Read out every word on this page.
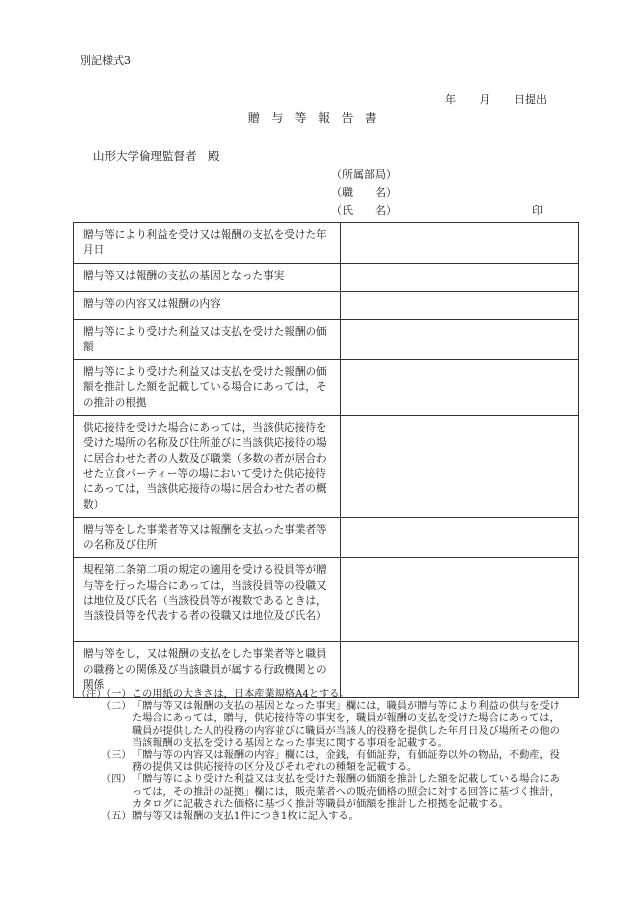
別記様式3
年 月 日提出
贈与等報告書
山形大学倫理監督者　殿
（所属部局）
（職　　名）
（氏　　名）	印
贈与等により利益を受け又は報酬の支払を受けた年月日	
贈与等又は報酬の支払の基因となった事実	
贈与等の内容又は報酬の内容	
贈与等により受けた利益又は支払を受けた報酬の価額	
贈与等により受けた利益又は支払を受けた報酬の価額を推計した額を記載している場合にあっては，その推計の根拠	
供応接待を受けた場合にあっては，当該供応接待を受けた場所の名称及び住所並びに当該供応接待の場に居合わせた者の人数及び職業（多数の者が居合わせた立食パーティー等の場において受けた供応接待にあっては，当該供応接待の場に居合わせた者の概数）	
贈与等をした事業者等又は報酬を支払った事業者等の名称及び住所	
規程第二条第二項の規定の適用を受ける役員等が贈与等を行った場合にあっては，当該役員等の役職又は地位及び氏名（当該役員等が複数であるときは，当該役員等を代表する者の役職又は地位及び氏名）	
贈与等をし，又は報酬の支払をした事業者等と職員の職務との関係及び当該職員が属する行政機関との関係	
（注）
（一） この用紙の大きさは，日本産業規格A4とする。
（二） 「贈与等又は報酬の支払の基因となった事実」欄には，職員が贈与等により利益の供与を受けた場合にあっては，贈与，供応接待等の事実を，職員が報酬の支払を受けた場合にあっては，職員が提供した人的役務の内容並びに職員が当該人的役務を提供した年月日及び場所その他の当該報酬の支払を受ける基因となった事実に関する事項を記載する。
（三） 「贈与等の内容又は報酬の内容」欄には，金銭，有価証券，有価証券以外の物品，不動産，役務の提供又は供応接待の区分及びそれぞれの種類を記載する。
（四） 「贈与等により受けた利益又は支払を受けた報酬の価額を推計した額を記載している場合にあっては，その推計の証拠」欄には，販売業者への販売価格の照会に対する回答に基づく推計，カタログに記載された価格に基づく推計等職員が価額を推計した根拠を記載する。
（五） 贈与等又は報酬の支払1件につき1枚に記入する。
